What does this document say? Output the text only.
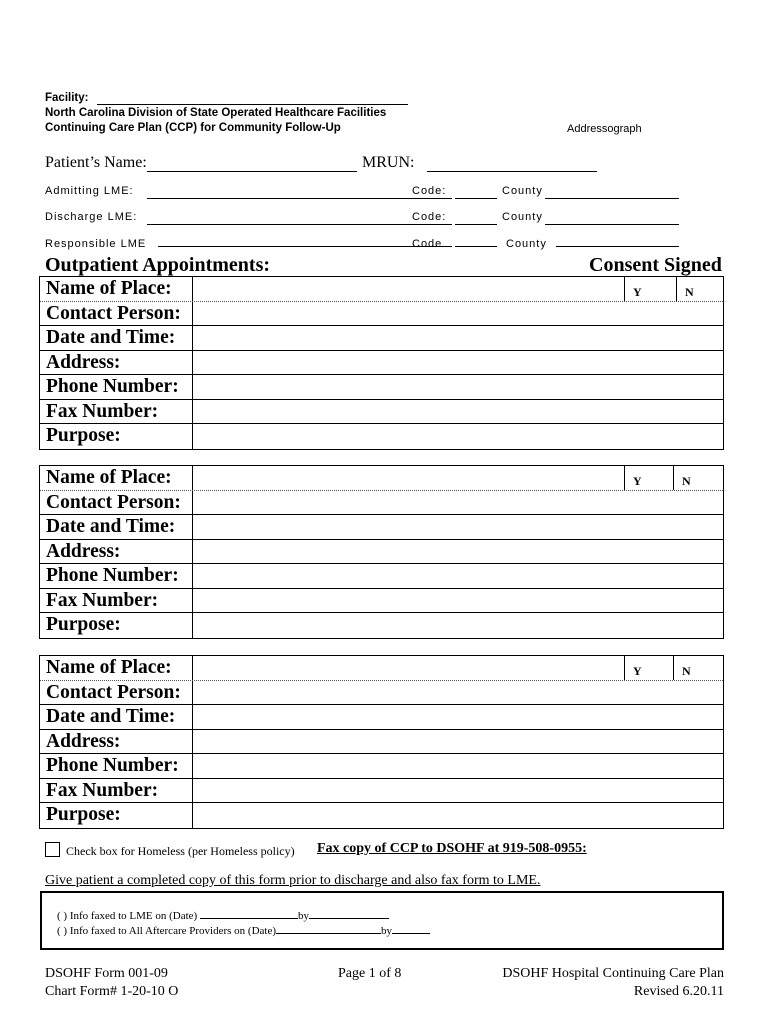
Facility:
North Carolina Division of State Operated Healthcare Facilities
Continuing Care Plan (CCP) for Community Follow-Up	Addressograph
Patient’s Name:	MRUN:
Admitting LME:	Code:	County
Discharge LME:	Code:	County
Responsible LME	Code	County
Outpatient Appointments:	Consent Signed
Name of Place:	Y	N
Contact Person:
Date and Time:
Address:
Phone Number:
Fax Number:
Purpose:
Name of Place:	Y	N
Contact Person:
Date and Time:
Address:
Phone Number:
Fax Number:
Purpose:
Name of Place:	Y	N
Contact Person:
Date and Time:
Address:
Phone Number:
Fax Number:
Purpose:
Check box for Homeless (per Homeless policy) Fax copy of CCP to DSOHF at 919-508-0955:
Give patient a completed copy of this form prior to discharge and also fax form to LME.
( ) Info faxed to LME on (Date)	by
( ) Info faxed to All Aftercare Providers on (Date)	by
DSOHF Form 001-09
Chart Form# 1-20-10 O
Page 1 of 8	DSOHF Hospital Continuing Care Plan
Revised 6.20.11
